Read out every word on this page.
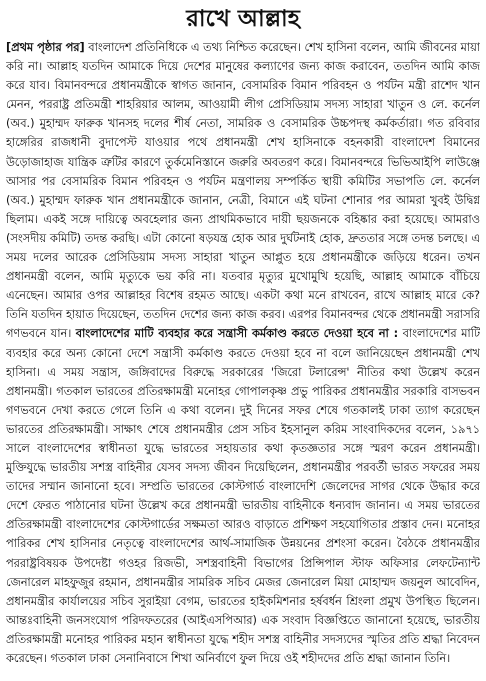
রাখে আল্লাহ
[প্রথম পৃষ্ঠার পর] বাংলাদেশ প্রতিনিধিকে এ তথ্য নিশ্চিত করেছেন। শেখ হাসিনা বলেন, আমি জীবনের মায়া করি না। আল্লাহ যতদিন আমাকে দিয়ে দেশের মানুষের কল্যাণের জন্য কাজ করাবেন, ততদিন আমি কাজ করে যাব। বিমানবন্দরে প্রধানমন্ত্রীকে স্বাগত জানান, বেসামরিক বিমান পরিবহন ও পর্যটন মন্ত্রী রাশেদ খান মেনন, পররাষ্ট্র প্রতিমন্ত্রী শাহরিয়ার আলম, আওয়ামী লীগ প্রেসিডিয়াম সদস্য সাহারা খাতুন ও লে. কর্নেল (অব.) মুহাম্মদ ফারুক খানসহ দলের শীর্ষ নেতা, সামরিক ও বেসামরিক উচ্চপদস্থ কর্মকর্তারা। গত রবিবার হাঙ্গেরির রাজধানী বুদাপেস্ট যাওয়ার পথে প্রধানমন্ত্রী শেখ হাসিনাকে বহনকারী বাংলাদেশ বিমানের উড়োজাহাজ যান্ত্রিক ত্রুটির কারণে তুর্কমেনিস্তানে জরুরি অবতরণ করে। বিমানবন্দরে ভিভিআইপি লাউঞ্জে আসার পর বেসামরিক বিমান পরিবহন ও পর্যটন মন্ত্রণালয় সম্পর্কিত স্থায়ী কমিটির সভাপতি লে. কর্নেল (অব.) মুহাম্মদ ফারুক খান প্রধানমন্ত্রীকে জানান, নেত্রী, বিমানে এই ঘটনা শোনার পর আমরা খুবই উদ্বিগ্ন ছিলাম। একই সঙ্গে দায়িত্বে অবহেলার জন্য প্রাথমিকভাবে দায়ী ছয়জনকে বহিষ্কার করা হয়েছে। আমরাও (সংসদীয় কমিটি) তদন্ত করছি। এটা কোনো ষড়যন্ত্র হোক আর দুর্ঘটনাই হোক, দ্রুততার সঙ্গে তদন্ত চলছে। এ সময় দলের আরেক প্রেসিডিয়াম সদস্য সাহারা খাতুন আপ্লুত হয়ে প্রধানমন্ত্রীকে জড়িয়ে ধরেন। তখন প্রধানমন্ত্রী বলেন, আমি মৃত্যুকে ভয় করি না। যতবার মৃত্যুর মুখোমুখি হয়েছি, আল্লাহ আমাকে বাঁচিয়ে এনেছেন। আমার ওপর আল্লাহর বিশেষ রহমত আছে। একটা কথা মনে রাখবেন, রাখে আল্লাহ মারে কে? তিনি যতদিন হায়াত দিয়েছেন, ততদিন দেশের জন্য কাজ করব। এরপর বিমানবন্দর থেকে প্রধানমন্ত্রী সরাসরি গণভবনে যান। বাংলাদেশের মাটি ব্যবহার করে সন্ত্রাসী কর্মকাণ্ড করতে দেওয়া হবে না : বাংলাদেশের মাটি ব্যবহার করে অন্য কোনো দেশে সন্ত্রাসী কর্মকাণ্ড করতে দেওয়া হবে না বলে জানিয়েছেন প্রধানমন্ত্রী শেখ হাসিনা। এ সময় সন্ত্রাস, জঙ্গিবাদের বিরুদ্ধে সরকারের 'জিরো টলারেন্স' নীতির কথা উল্লেখ করেন প্রধানমন্ত্রী। গতকাল ভারতের প্রতিরক্ষামন্ত্রী মনোহর গোপালকৃষ্ণ প্রভু পারিকর প্রধানমন্ত্রীর সরকারি বাসভবন গণভবনে দেখা করতে গেলে তিনি এ কথা বলেন। দুই দিনের সফর শেষে গতকালই ঢাকা ত্যাগ করেছেন ভারতের প্রতিরক্ষামন্ত্রী। সাক্ষাৎ শেষে প্রধানমন্ত্রীর প্রেস সচিব ইহসানুল করিম সাংবাদিকদের বলেন, ১৯৭১ সালে বাংলাদেশের স্বাধীনতা যুদ্ধে ভারতের সহায়তার কথা কৃতজ্ঞতার সঙ্গে স্মরণ করেন প্রধানমন্ত্রী। মুক্তিযুদ্ধে ভারতীয় সশস্ত্র বাহিনীর যেসব সদস্য জীবন দিয়েছিলেন, প্রধানমন্ত্রীর পরবর্তী ভারত সফরের সময় তাদের সম্মান জানানো হবে। সম্প্রতি ভারতের কোস্টগার্ড বাংলাদেশি জেলেদের সাগর থেকে উদ্ধার করে দেশে ফেরত পাঠানোর ঘটনা উল্লেখ করে প্রধানমন্ত্রী ভারতীয় বাহিনীকে ধন্যবাদ জানান। এ সময় ভারতের প্রতিরক্ষামন্ত্রী বাংলাদেশের কোস্টগার্ডের সক্ষমতা আরও বাড়াতে প্রশিক্ষণ সহযোগিতার প্রস্তাব দেন। মনোহর পারিকর শেখ হাসিনার নেতৃত্বে বাংলাদেশের আর্থ-সামাজিক উন্নয়নের প্রশংসা করেন। বৈঠকে প্রধানমন্ত্রীর পররাষ্ট্রবিষয়ক উপদেষ্টা গওহর রিজভী, সশস্ত্রবাহিনী বিভাগের প্রিন্সিপাল স্টাফ অফিসার লেফটেন্যান্ট জেনারেল মাহফুজুর রহমান, প্রধানমন্ত্রীর সামরিক সচিব মেজর জেনারেল মিয়া মোহাম্মদ জয়নুল আবেদিন, প্রধানমন্ত্রীর কার্যালয়ের সচিব সুরাইয়া বেগম, ভারতের হাইকমিশনার হর্ষবর্ধন শ্রিংলা প্রমুখ উপস্থিত ছিলেন। আন্তঃবাহিনী জনসংযোগ পরিদফতরের (আইএসপিআর) এক সংবাদ বিজ্ঞপ্তিতে জানানো হয়েছে, ভারতীয় প্রতিরক্ষামন্ত্রী মনোহর পারিকর মহান স্বাধীনতা যুদ্ধে শহীদ সশস্ত্র বাহিনীর সদস্যদের স্মৃতির প্রতি শ্রদ্ধা নিবেদন করেছেন। গতকাল ঢাকা সেনানিবাসে শিখা অনির্বাণে ফুল দিয়ে ওই শহীদদের প্রতি শ্রদ্ধা জানান তিনি।
